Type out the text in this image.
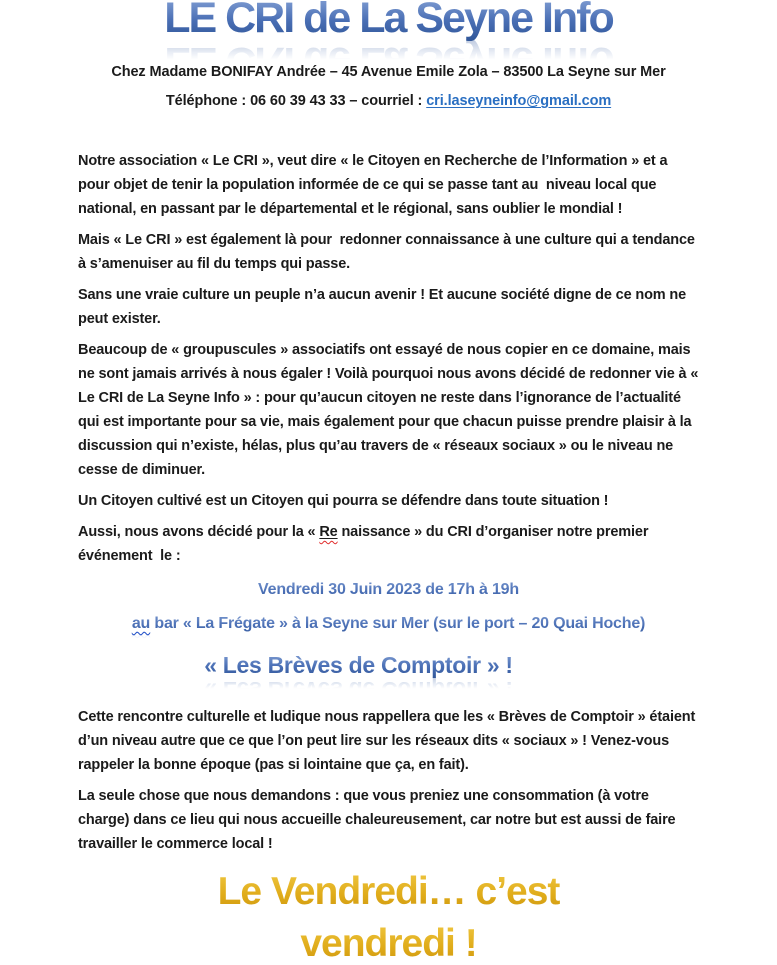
LE CRI de La Seyne Info

Chez Madame BONIFAY Andrée – 45 Avenue Emile Zola – 83500 La Seyne sur Mer

Téléphone : 06 60 39 43 33 – courriel : cri.laseyneinfo@gmail.com

Notre association « Le CRI », veut dire « le Citoyen en Recherche de l’Information » et a pour objet de tenir la population informée de ce qui se passe tant au  niveau local que national, en passant par le départemental et le régional, sans oublier le mondial !

Mais « Le CRI » est également là pour  redonner connaissance à une culture qui a tendance à s’amenuiser au fil du temps qui passe.

Sans une vraie culture un peuple n’a aucun avenir ! Et aucune société digne de ce nom ne peut exister.

Beaucoup de « groupuscules » associatifs ont essayé de nous copier en ce domaine, mais ne sont jamais arrivés à nous égaler ! Voilà pourquoi nous avons décidé de redonner vie à « Le CRI de La Seyne Info » : pour qu’aucun citoyen ne reste dans l’ignorance de l’actualité qui est importante pour sa vie, mais également pour que chacun puisse prendre plaisir à la discussion qui n’existe, hélas, plus qu’au travers de « réseaux sociaux » ou le niveau ne cesse de diminuer.

Un Citoyen cultivé est un Citoyen qui pourra se défendre dans toute situation !

Aussi, nous avons décidé pour la « Re naissance » du CRI d’organiser notre premier événement  le :

Vendredi 30 Juin 2023 de 17h à 19h

au bar « La Frégate » à la Seyne sur Mer (sur le port – 20 Quai Hoche)

« Les Brèves de Comptoir » !

Cette rencontre culturelle et ludique nous rappellera que les « Brèves de Comptoir » étaient d’un niveau autre que ce que l’on peut lire sur les réseaux dits « sociaux » ! Venez-vous rappeler la bonne époque (pas si lointaine que ça, en fait).

La seule chose que nous demandons : que vous preniez une consommation (à votre charge) dans ce lieu qui nous accueille chaleureusement, car notre but est aussi de faire travailler le commerce local !

Le Vendredi… c’est
vendredi !
